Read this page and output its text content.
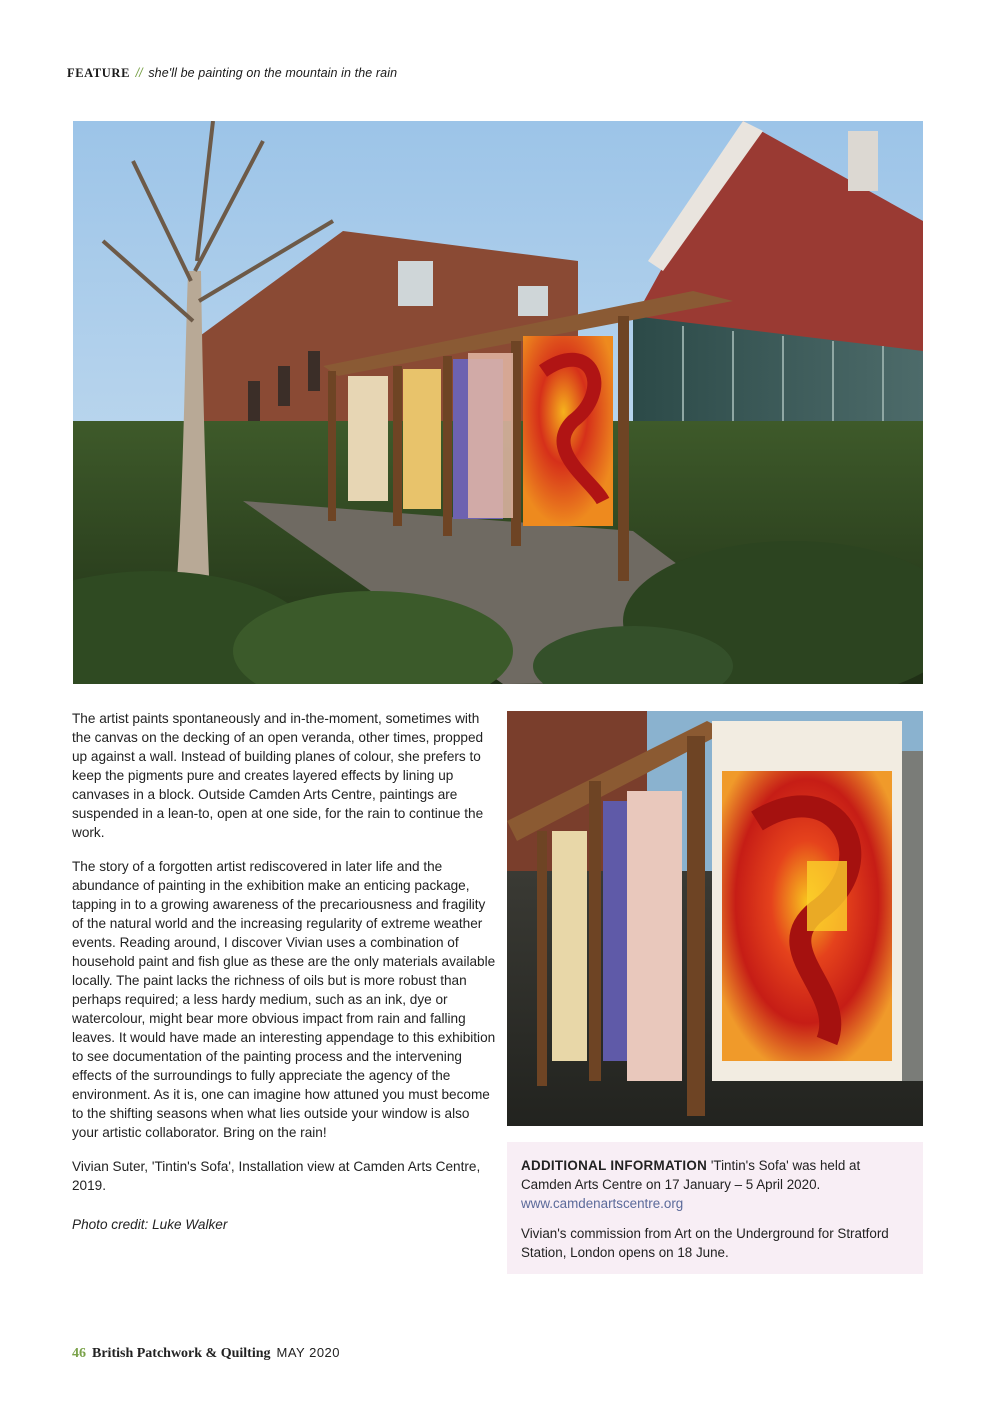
FEATURE // she'll be painting on the mountain in the rain

The artist paints spontaneously and in-the-moment, sometimes with the canvas on the decking of an open veranda, other times, propped up against a wall. Instead of building planes of colour, she prefers to keep the pigments pure and creates layered effects by lining up canvases in a block. Outside Camden Arts Centre, paintings are suspended in a lean-to, open at one side, for the rain to continue the work.

The story of a forgotten artist rediscovered in later life and the abundance of painting in the exhibition make an enticing package, tapping in to a growing awareness of the precariousness and fragility of the natural world and the increasing regularity of extreme weather events. Reading around, I discover Vivian uses a combination of household paint and fish glue as these are the only materials available locally. The paint lacks the richness of oils but is more robust than perhaps required; a less hardy medium, such as an ink, dye or watercolour, might bear more obvious impact from rain and falling leaves. It would have made an interesting appendage to this exhibition to see documentation of the painting process and the intervening effects of the surroundings to fully appreciate the agency of the environment. As it is, one can imagine how attuned you must become to the shifting seasons when what lies outside your window is also your artistic collaborator. Bring on the rain!

Vivian Suter, 'Tintin's Sofa', Installation view at Camden Arts Centre, 2019.

Photo credit: Luke Walker

ADDITIONAL INFORMATION 'Tintin's Sofa' was held at Camden Arts Centre on 17 January – 5 April 2020.
www.camdenartscentre.org

Vivian's commission from Art on the Underground for Stratford Station, London opens on 18 June.

46 British Patchwork & Quilting MAY 2020
